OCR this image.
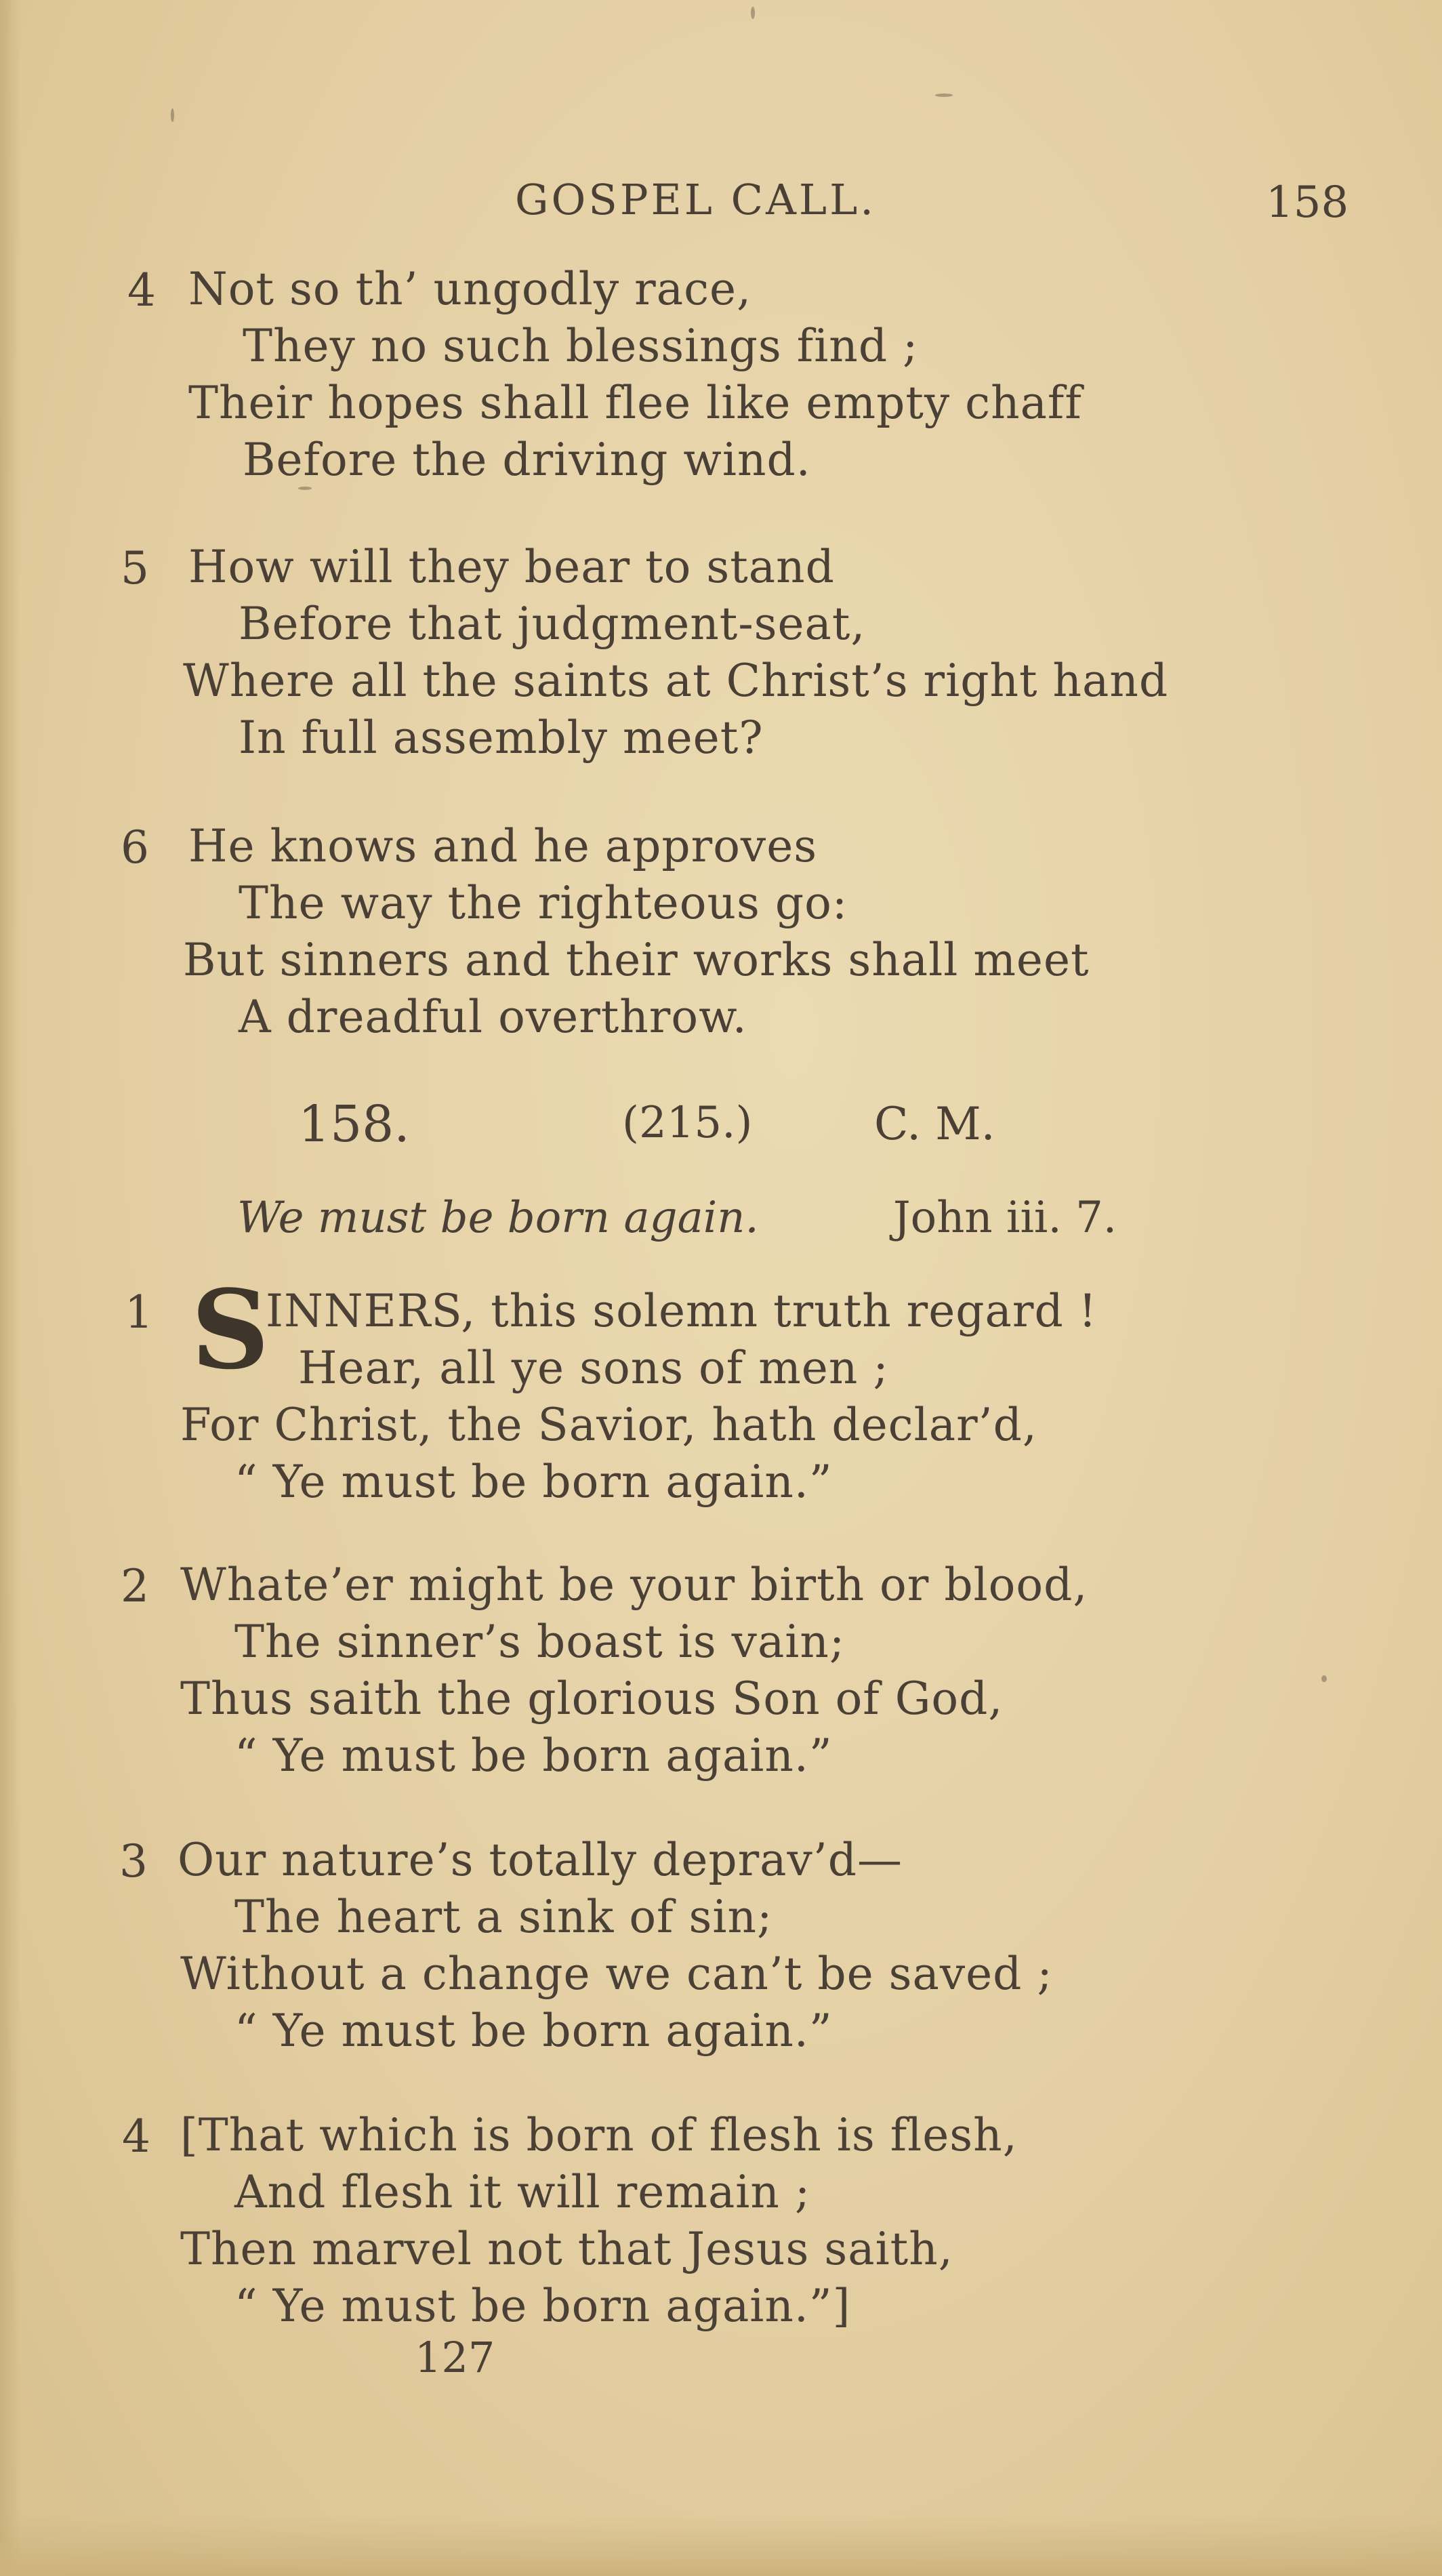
GOSPEL CALL.	158
4 Not so th’ ungodly race,
They no such blessings find ;
Their hopes shall flee like empty chaff
Before the driving wind.
5 How will they bear to stand
Before that judgment-seat,
Where all the saints at Christ’s right hand
In full assembly meet?
6 He knows and he approves
The way the righteous go:
But sinners and their works shall meet
A dreadful overthrow.
158.	(215.)	C. M.
We must be born again.	John iii. 7.
1 S
INNERS, this solemn truth regard !
Hear, all ye sons of men ;
For Christ, the Savior, hath declar’d,
“ Ye must be born again.”
2 Whate’er might be your birth or blood,
The sinner’s boast is vain;
Thus saith the glorious Son of God,
“ Ye must be born again.”
3 Our nature’s totally deprav’d—
The heart a sink of sin;
Without a change we can’t be saved ;
“ Ye must be born again.”
4 [That which is born of flesh is flesh,
And flesh it will remain ;
Then marvel not that Jesus saith,
“ Ye must be born again.”]
127
